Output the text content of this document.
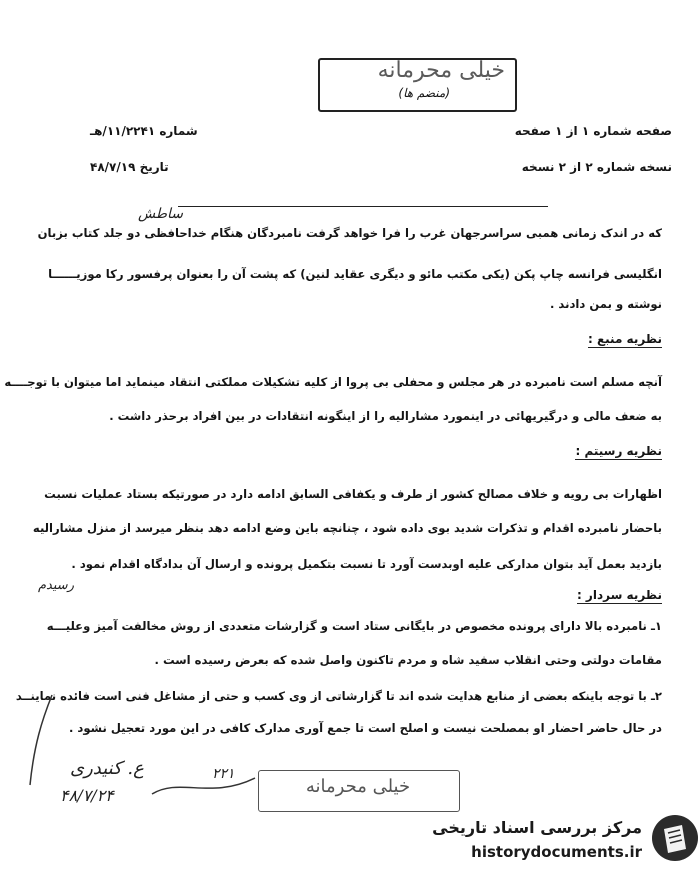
خیلی محرمانه
(منضم ها)
صفحه شماره ۱ از ۱ صفحه
شماره ۱۱/۲۲۴۱/هـ
نسخه شماره ۲ از ۲ نسخه
تاریخ ۴۸/۷/۱۹
ساطش
که در اندک زمانی همبی سراسرجهان غرب را فرا خواهد گرفت نامبردگان هنگام خداحافظی دو جلد کتاب بزبان
انگلیسی فرانسه چاپ پکن (یکی مکتب مائو و دیگری عقاید لنین) که پشت آن را بعنوان پرفسور رکا موزیــــــا
نوشته و بمن دادند .
نظریه منبع :
آنچه مسلم است نامبرده در هر مجلس و محفلی بی پروا از کلیه تشکیلات مملکتی انتقاد مینماید اما میتوان با توجــــه
به ضعف مالی و درگیریهائی در اینمورد مشارالیه را از اینگونه انتقادات در بین افراد برحذر داشت .
نظریه رسیتم :
اظهارات بی رویه و خلاف مصالح کشور از طرف و یکفافی السابق ادامه دارد در صورتیکه بستاد عملیات نسبت
باحضار نامبرده اقدام و تذکرات شدید بوی داده شود ، چنانچه باین وضع ادامه دهد بنظر میرسد از منزل مشارالیه
بازدید بعمل آید بتوان مدارکی علیه اوبدست آورد تا نسبت بتکمیل پرونده و ارسال آن بدادگاه اقدام نمود .
رسیدم
نظریه سردار :
۱ـ نامبرده بالا دارای پرونده مخصوص در بایگانی ستاد است و گزارشات متعددی از روش مخالفت آمیز وعلیـــه
مقامات دولتی وحتی انقلاب سفید شاه و مردم تاکنون واصل شده که بعرض رسیده است .
۲ـ با توجه باینکه بعضی از منابع هدایت شده اند تا گزارشاتی از وی کسب و حتی از مشاغل فنی است فائده نماینــد
در حال حاضر احضار او بمصلحت نیست و اصلح است تا جمع آوری مدارک کافی در این مورد تعجیل نشود .
ع. کنیدری
۴۸/۷/۲۴	خیلی محرمانه
۲۲۱
مرکز بررسی اسناد تاریخی
historydocuments.ir
